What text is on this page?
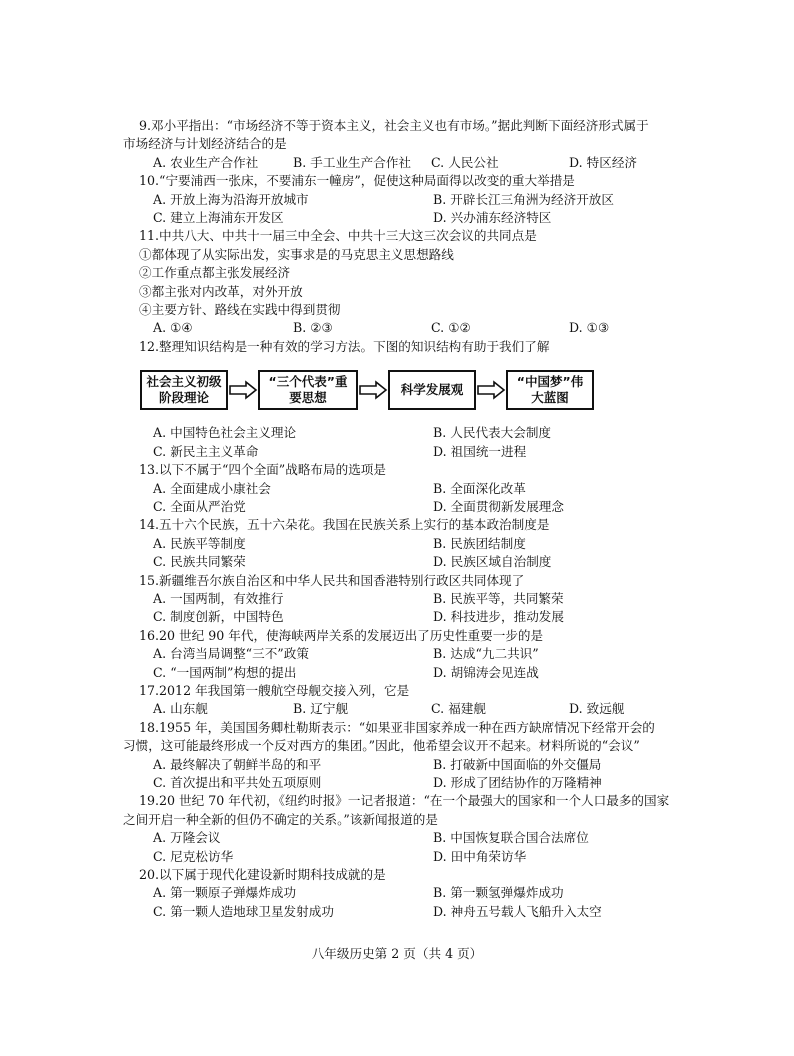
9.邓小平指出：“市场经济不等于资本主义，社会主义也有市场。”据此判断下面经济形式属于
市场经济与计划经济结合的是
A. 农业生产合作社	B. 手工业生产合作社	C. 人民公社	D. 特区经济
10.“宁要浦西一张床，不要浦东一幢房”，促使这种局面得以改变的重大举措是
A. 开放上海为沿海开放城市	B. 开辟长江三角洲为经济开放区
C. 建立上海浦东开发区	D. 兴办浦东经济特区
11.中共八大、中共十一届三中全会、中共十三大这三次会议的共同点是
①都体现了从实际出发，实事求是的马克思主义思想路线
②工作重点都主张发展经济
③都主张对内改革，对外开放
④主要方针、路线在实践中得到贯彻
A. ①④	B. ②③	C. ①②	D. ①③
12.整理知识结构是一种有效的学习方法。下图的知识结构有助于我们了解
社会主义初级阶段理论
“三个代表”重要思想
科学发展观
“中国梦”伟大蓝图
A. 中国特色社会主义理论	B. 人民代表大会制度
C. 新民主主义革命	D. 祖国统一进程
13.以下不属于“四个全面”战略布局的选项是
A. 全面建成小康社会	B. 全面深化改革
C. 全面从严治党	D. 全面贯彻新发展理念
14.五十六个民族，五十六朵花。我国在民族关系上实行的基本政治制度是
A. 民族平等制度	B. 民族团结制度
C. 民族共同繁荣	D. 民族区域自治制度
15.新疆维吾尔族自治区和中华人民共和国香港特别行政区共同体现了
A. 一国两制，有效推行	B. 民族平等，共同繁荣
C. 制度创新，中国特色	D. 科技进步，推动发展
16.20 世纪 90 年代，使海峡两岸关系的发展迈出了历史性重要一步的是
A. 台湾当局调整“三不”政策	B. 达成“九二共识”
C. “一国两制”构想的提出	D. 胡锦涛会见连战
17.2012 年我国第一艘航空母舰交接入列，它是
A. 山东舰	B. 辽宁舰	C. 福建舰	D. 致远舰
18.1955 年，美国国务卿杜勒斯表示：“如果亚非国家养成一种在西方缺席情况下经常开会的
习惯，这可能最终形成一个反对西方的集团。”因此，他希望会议开不起来。材料所说的“会议”
A. 最终解决了朝鲜半岛的和平	B. 打破新中国面临的外交僵局
C. 首次提出和平共处五项原则	D. 形成了团结协作的万隆精神
19.20 世纪 70 年代初，《纽约时报》一记者报道：“在一个最强大的国家和一个人口最多的国家
之间开启一种全新的但仍不确定的关系。”该新闻报道的是
A. 万隆会议	B. 中国恢复联合国合法席位
C. 尼克松访华	D. 田中角荣访华
20.以下属于现代化建设新时期科技成就的是
A. 第一颗原子弹爆炸成功	B. 第一颗氢弹爆炸成功
C. 第一颗人造地球卫星发射成功	D. 神舟五号载人飞船升入太空
八年级历史第 2 页（共 4 页）
